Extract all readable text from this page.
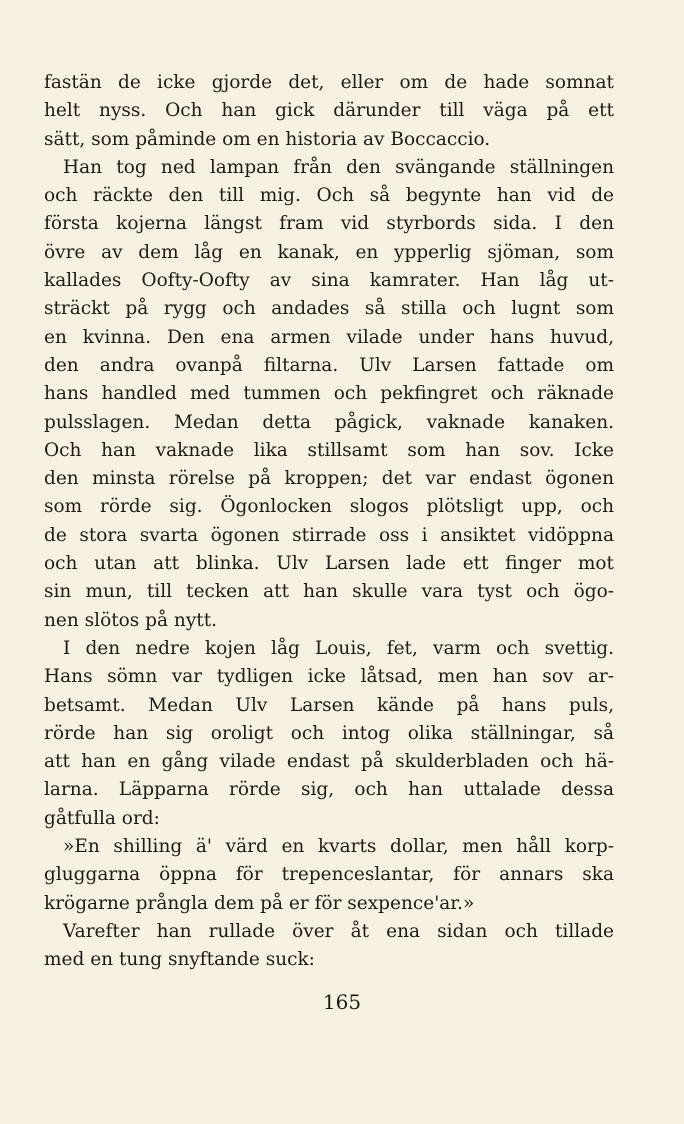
fastän de icke gjorde det, eller om de hade somnat
helt nyss. Och han gick därunder till väga på ett
sätt, som påminde om en historia av Boccaccio.
Han tog ned lampan från den svängande ställningen
och räckte den till mig. Och så begynte han vid de
första kojerna längst fram vid styrbords sida. I den
övre av dem låg en kanak, en ypperlig sjöman, som
kallades Oofty-Oofty av sina kamrater. Han låg ut-
sträckt på rygg och andades så stilla och lugnt som
en kvinna. Den ena armen vilade under hans huvud,
den andra ovanpå filtarna. Ulv Larsen fattade om
hans handled med tummen och pekfingret och räknade
pulsslagen. Medan detta pågick, vaknade kanaken.
Och han vaknade lika stillsamt som han sov. Icke
den minsta rörelse på kroppen; det var endast ögonen
som rörde sig. Ögonlocken slogos plötsligt upp, och
de stora svarta ögonen stirrade oss i ansiktet vidöppna
och utan att blinka. Ulv Larsen lade ett finger mot
sin mun, till tecken att han skulle vara tyst och ögo-
nen slötos på nytt.
I den nedre kojen låg Louis, fet, varm och svettig.
Hans sömn var tydligen icke låtsad, men han sov ar-
betsamt. Medan Ulv Larsen kände på hans puls,
rörde han sig oroligt och intog olika ställningar, så
att han en gång vilade endast på skulderbladen och hä-
larna. Läpparna rörde sig, och han uttalade dessa
gåtfulla ord:
»En shilling ä' värd en kvarts dollar, men håll korp-
gluggarna öppna för trepenceslantar, för annars ska
krögarne prångla dem på er för sexpence'ar.»
Varefter han rullade över åt ena sidan och tillade
med en tung snyftande suck:
165
